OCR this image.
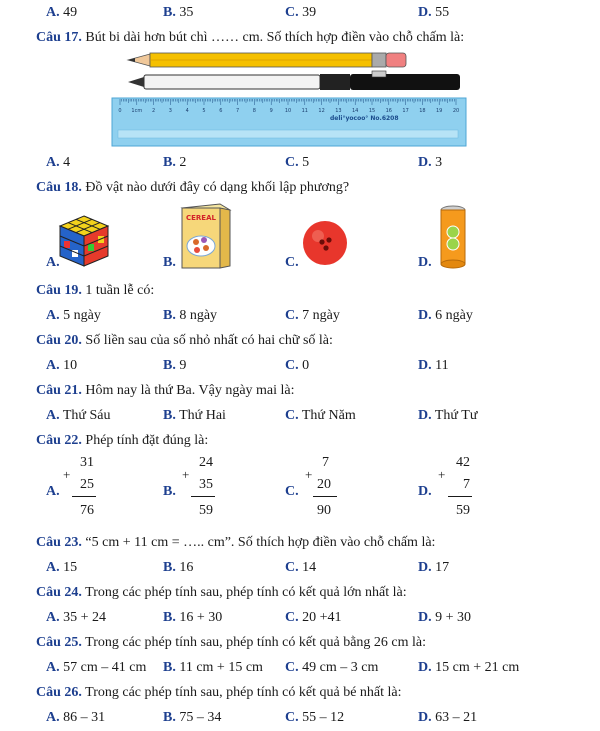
A. 49	B. 35	C. 39	D. 55
Câu 17. Bút bi dài hơn bút chì …… cm. Số thích hợp điền vào chỗ chấm là:
0 1cm 2	3	4	5	6	7	8	9 10 11 12 13 14 15 16 17 18 19 20
deli°yocoo° No.6208
A. 4	B. 2	C. 5	D. 3
Câu 18. Đồ vật nào dưới đây có dạng khối lập phương?
A.	B.
CEREAL
C.	D.
Câu 19. 1 tuần lễ có:
A. 5 ngày	B. 8 ngày	C. 7 ngày	D. 6 ngày
Câu 20. Số liền sau của số nhỏ nhất có hai chữ số là:
A. 10	B. 9	C. 0	D. 11
Câu 21. Hôm nay là thứ Ba. Vậy ngày mai là:
A. Thứ Sáu	B. Thứ Hai	C. Thứ Năm	D. Thứ Tư
Câu 22. Phép tính đặt đúng là:
A.
+
31
25
76
B.
+
24
35
59
C.
+
7
20
90
D.
+
42
7
59
Câu 23. “5 cm + 11 cm = ….. cm”. Số thích hợp điền vào chỗ chấm là:
A. 15	B. 16	C. 14	D. 17
Câu 24. Trong các phép tính sau, phép tính có kết quả lớn nhất là:
A. 35 + 24	B. 16 + 30	C. 20 +41	D. 9 + 30
Câu 25. Trong các phép tính sau, phép tính có kết quả bằng 26 cm là:
A. 57 cm – 41 cm B. 11 cm + 15 cm C. 49 cm – 3 cm	D. 15 cm + 21 cm
Câu 26. Trong các phép tính sau, phép tính có kết quả bé nhất là:
A. 86 – 31	B. 75 – 34	C. 55 – 12	D. 63 – 21
